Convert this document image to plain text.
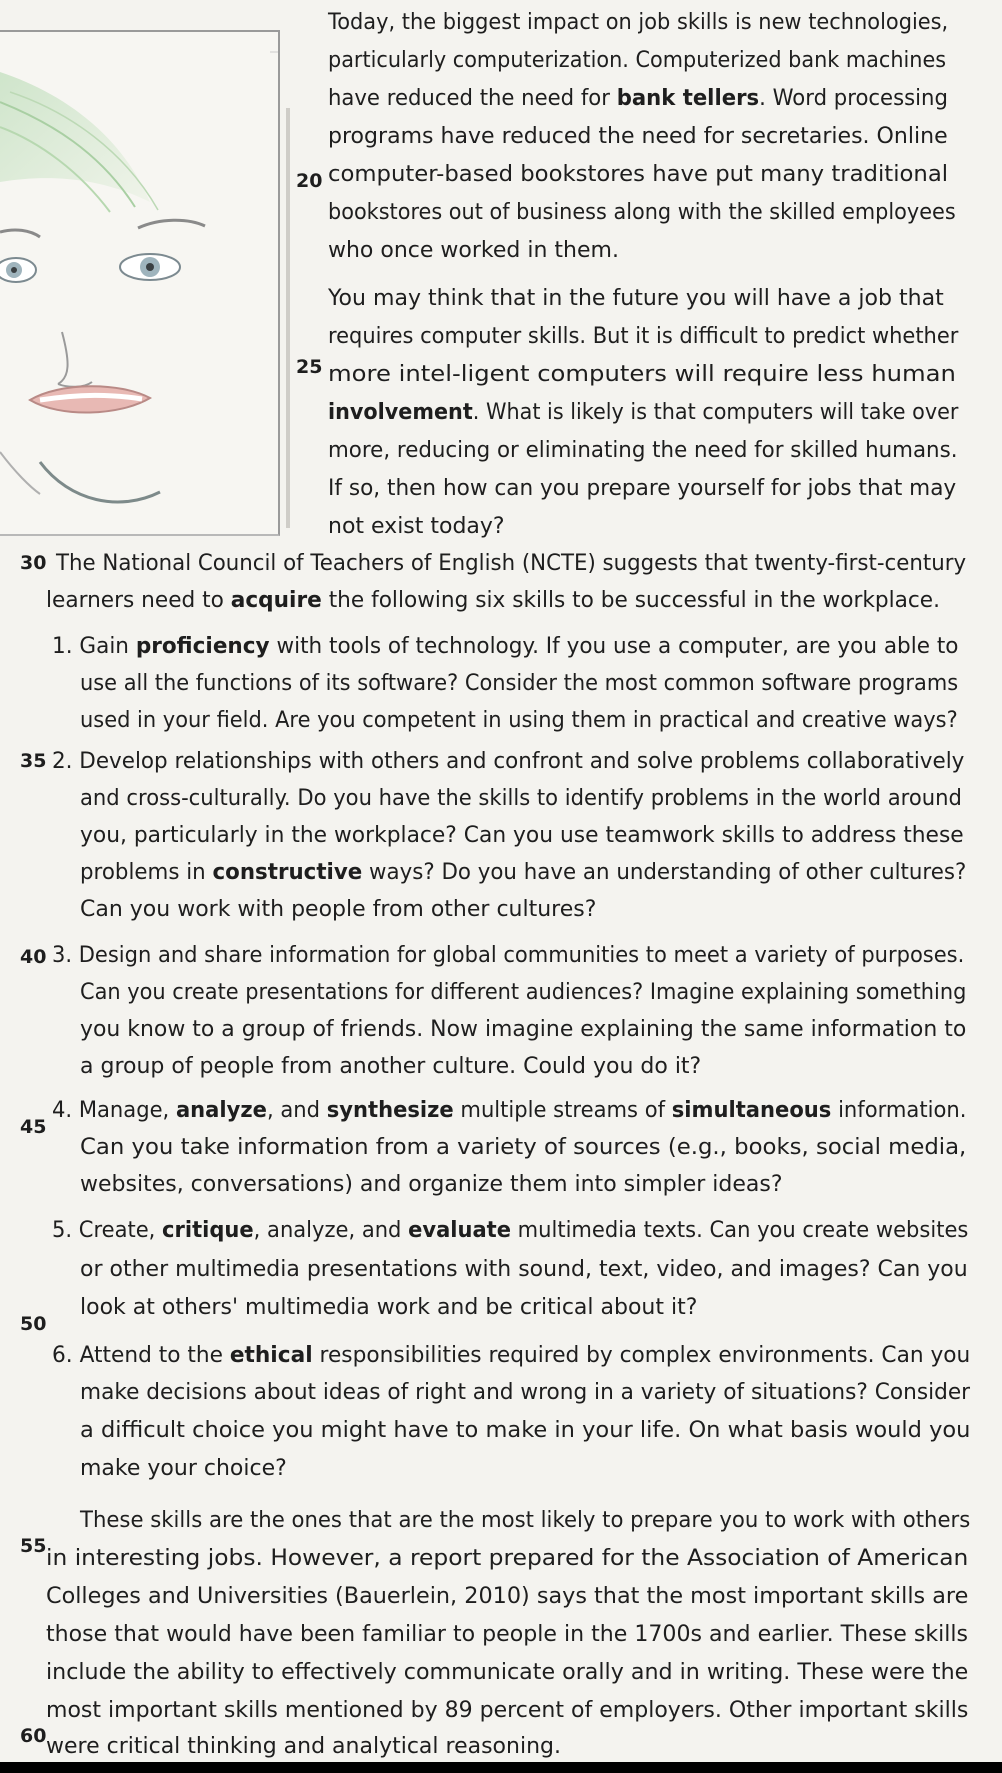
20
25
30
35
40
45
50
55
60

Today, the biggest impact on job skills is new technologies,

particularly computerization. Computerized bank machines

have reduced the need for bank tellers. Word processing

programs have reduced the need for secretaries. Online

computer-based bookstores have put many traditional

bookstores out of business along with the skilled employees

who once worked in them.

You may think that in the future you will have a job that

requires computer skills. But it is difficult to predict whether

more intel-ligent computers will require less human

involvement. What is likely is that computers will take over

more, reducing or eliminating the need for skilled humans.

If so, then how can you prepare yourself for jobs that may

not exist today?

The National Council of Teachers of English (NCTE) suggests that twenty-first-century

learners need to acquire the following six skills to be successful in the workplace.

1. Gain proficiency with tools of technology. If you use a computer, are you able to

use all the functions of its software? Consider the most common software programs

used in your field. Are you competent in using them in practical and creative ways?

2. Develop relationships with others and confront and solve problems collaboratively

and cross-culturally. Do you have the skills to identify problems in the world around

you, particularly in the workplace? Can you use teamwork skills to address these

problems in constructive ways? Do you have an understanding of other cultures?

Can you work with people from other cultures?

3. Design and share information for global communities to meet a variety of purposes.

Can you create presentations for different audiences? Imagine explaining something

you know to a group of friends. Now imagine explaining the same information to

a group of people from another culture. Could you do it?

4. Manage, analyze, and synthesize multiple streams of simultaneous information.

Can you take information from a variety of sources (e.g., books, social media,

websites, conversations) and organize them into simpler ideas?

5. Create, critique, analyze, and evaluate multimedia texts. Can you create websites

or other multimedia presentations with sound, text, video, and images? Can you

look at others' multimedia work and be critical about it?

6. Attend to the ethical responsibilities required by complex environments. Can you

make decisions about ideas of right and wrong in a variety of situations? Consider

a difficult choice you might have to make in your life. On what basis would you

make your choice?

These skills are the ones that are the most likely to prepare you to work with others

in interesting jobs. However, a report prepared for the Association of American

Colleges and Universities (Bauerlein, 2010) says that the most important skills are

those that would have been familiar to people in the 1700s and earlier. These skills

include the ability to effectively communicate orally and in writing. These were the

most important skills mentioned by 89 percent of employers. Other important skills

were critical thinking and analytical reasoning.
